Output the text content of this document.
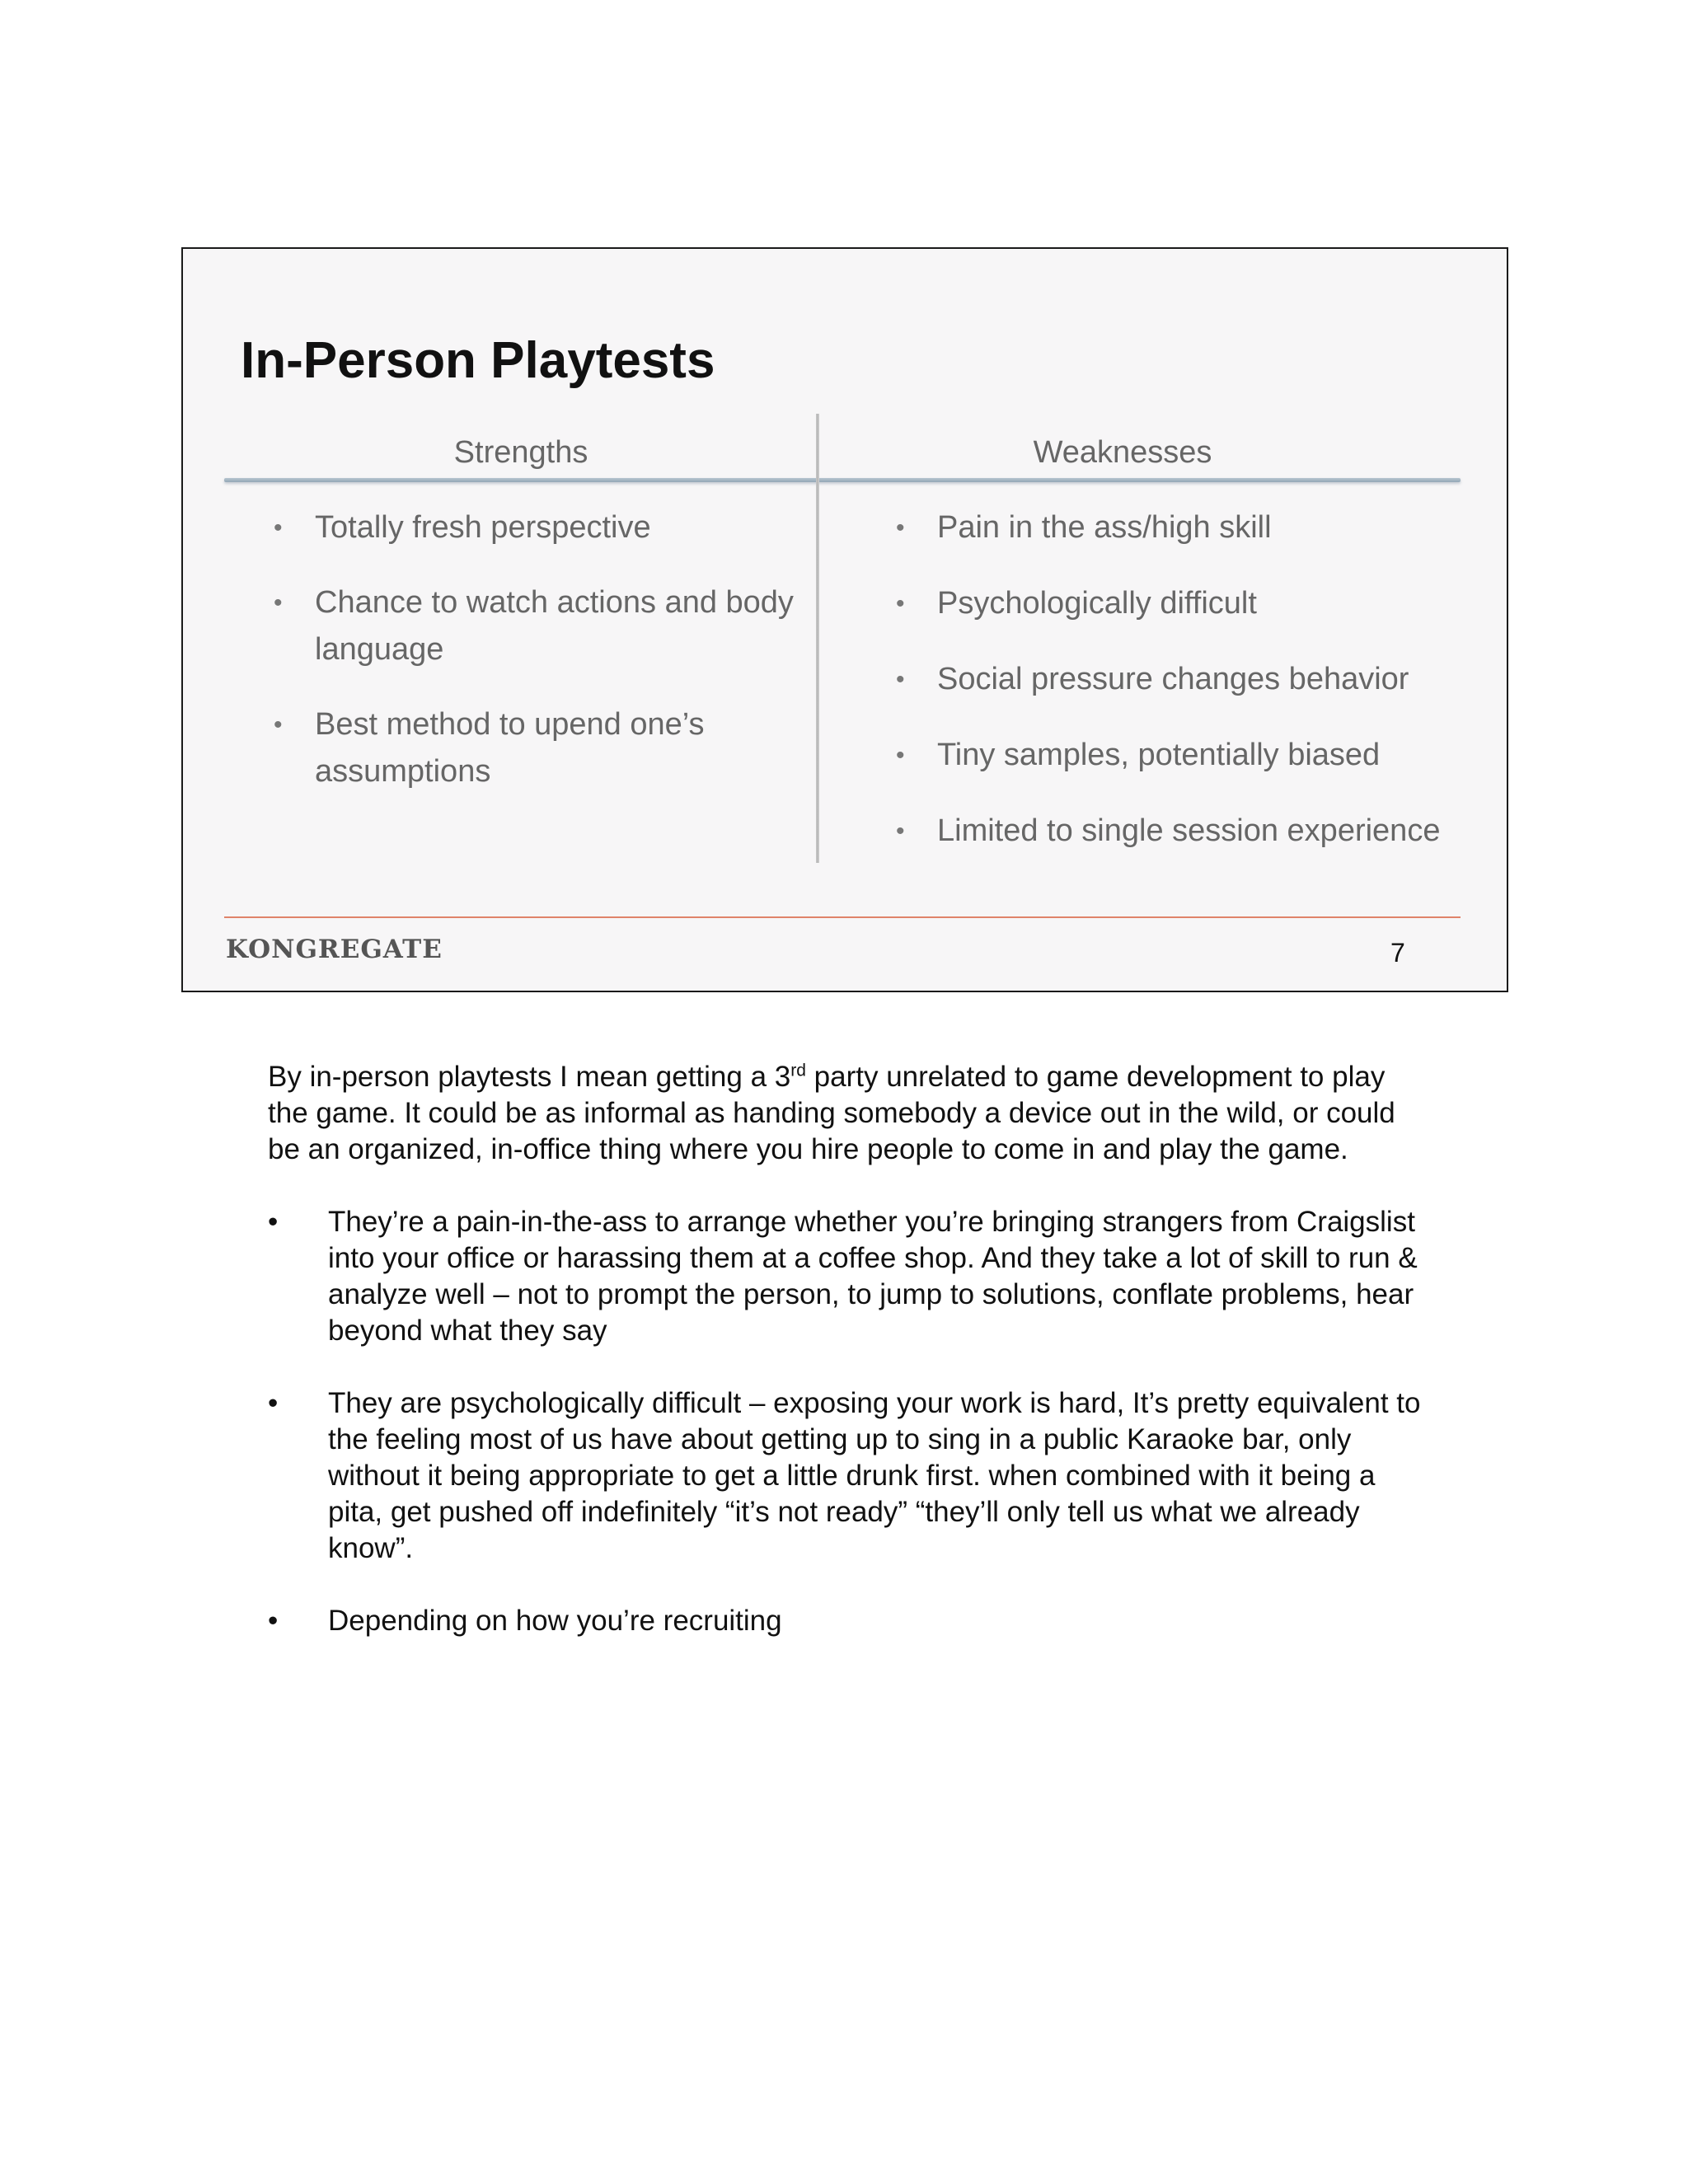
In-Person Playtests
Strengths	Weaknesses
• Totally fresh perspective
• Chance to watch actions and body language
• Best method to upend one’s assumptions
• Pain in the ass/high skill
• Psychologically difficult
• Social pressure changes behavior
• Tiny samples, potentially biased
• Limited to single session experience
KONGREGATE	7

By in-person playtests I mean getting a 3rd party unrelated to game development to play the game. It could be as informal as handing somebody a device out in the wild, or could be an organized, in-office thing where you hire people to come in and play the game.

• They’re a pain-in-the-ass to arrange whether you’re bringing strangers from Craigslist into your office or harassing them at a coffee shop. And they take a lot of skill to run & analyze well – not to prompt the person, to jump to solutions, conflate problems, hear beyond what they say
• They are psychologically difficult – exposing your work is hard, It’s pretty equivalent to the feeling most of us have about getting up to sing in a public Karaoke bar, only without it being appropriate to get a little drunk first. when combined with it being a pita, get pushed off indefinitely “it’s not ready” “they’ll only tell us what we already know”.
• Depending on how you’re recruiting
